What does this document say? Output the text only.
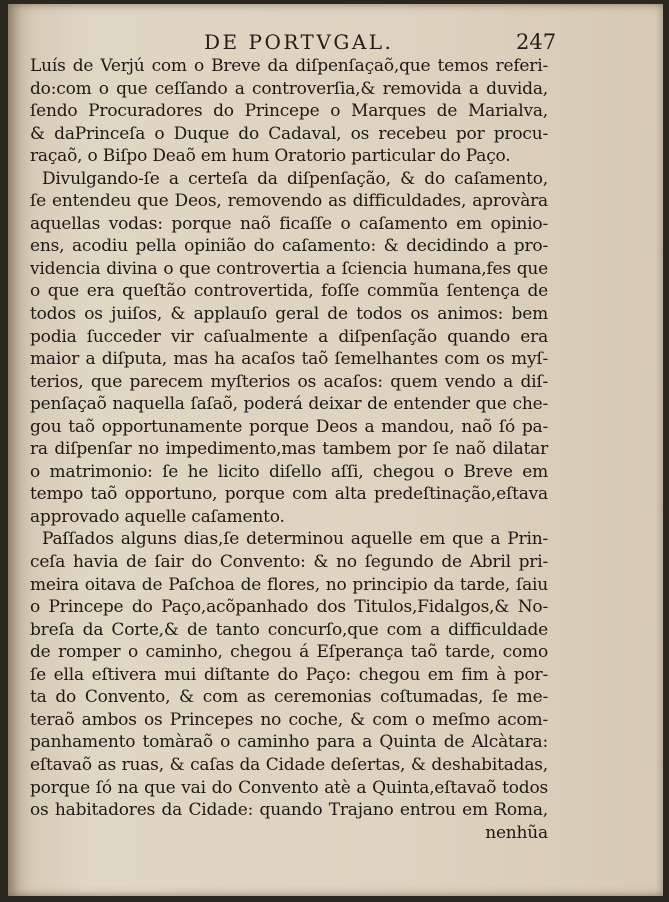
DE PORTVGAL.	247
Luís de Verjú com o Breve da diſpenſaçaõ,que temos referi-
do:com o que ceſſando a controverſia,& removida a duvida,
ſendo Procuradores do Princepe o Marques de Marialva,
& daPrinceſa o Duque do Cadaval, os recebeu por procu-
raçaõ, o Biſpo Deaõ em hum Oratorio particular do Paço.
Divulgando-ſe a certeſa da diſpenſação, & do caſamento,
ſe entendeu que Deos, removendo as difficuldades, aprovàra
aquellas vodas: porque naõ ficaſſe o caſamento em opinio-
ens, acodiu pella opinião do caſamento: & decidindo a pro-
videncia divina o que controvertia a ſciencia humana,fes que
o que era queſtão controvertida, foſſe commũa ſentença de
todos os juiſos, & applauſo geral de todos os animos: bem
podia ſucceder vir caſualmente a diſpenſação quando era
maior a diſputa, mas ha acaſos taõ ſemelhantes com os myſ-
terios, que parecem myſterios os acaſos: quem vendo a diſ-
penſaçaõ naquella ſaſaõ, poderá deixar de entender que che-
gou taõ opportunamente porque Deos a mandou, naõ ſó pa-
ra diſpenſar no impedimento,mas tambem por ſe naõ dilatar
o matrimonio: ſe he licito diſello aſſi, chegou o Breve em
tempo taõ opportuno, porque com alta predeſtinação,eſtava
approvado aquelle caſamento.
Paſſados alguns dias,ſe determinou aquelle em que a Prin-
ceſa havia de ſair do Convento: & no ſegundo de Abril pri-
meira oitava de Paſchoa de flores, no principio da tarde, ſaiu
o Princepe do Paço,acõpanhado dos Titulos,Fidalgos,& No-
breſa da Corte,& de tanto concurſo,que com a difficuldade
de romper o caminho, chegou á Eſperança taõ tarde, como
ſe ella eſtivera mui diſtante do Paço: chegou em fim à por-
ta do Convento, & com as ceremonias coſtumadas, ſe me-
teraõ ambos os Princepes no coche, & com o meſmo acom-
panhamento tomàraõ o caminho para a Quinta de Alcàtara:
eſtavaõ as ruas, & caſas da Cidade deſertas, & deshabitadas,
porque ſó na que vai do Convento atè a Quinta,eſtavaõ todos
os habitadores da Cidade: quando Trajano entrou em Roma,
nenhũa
